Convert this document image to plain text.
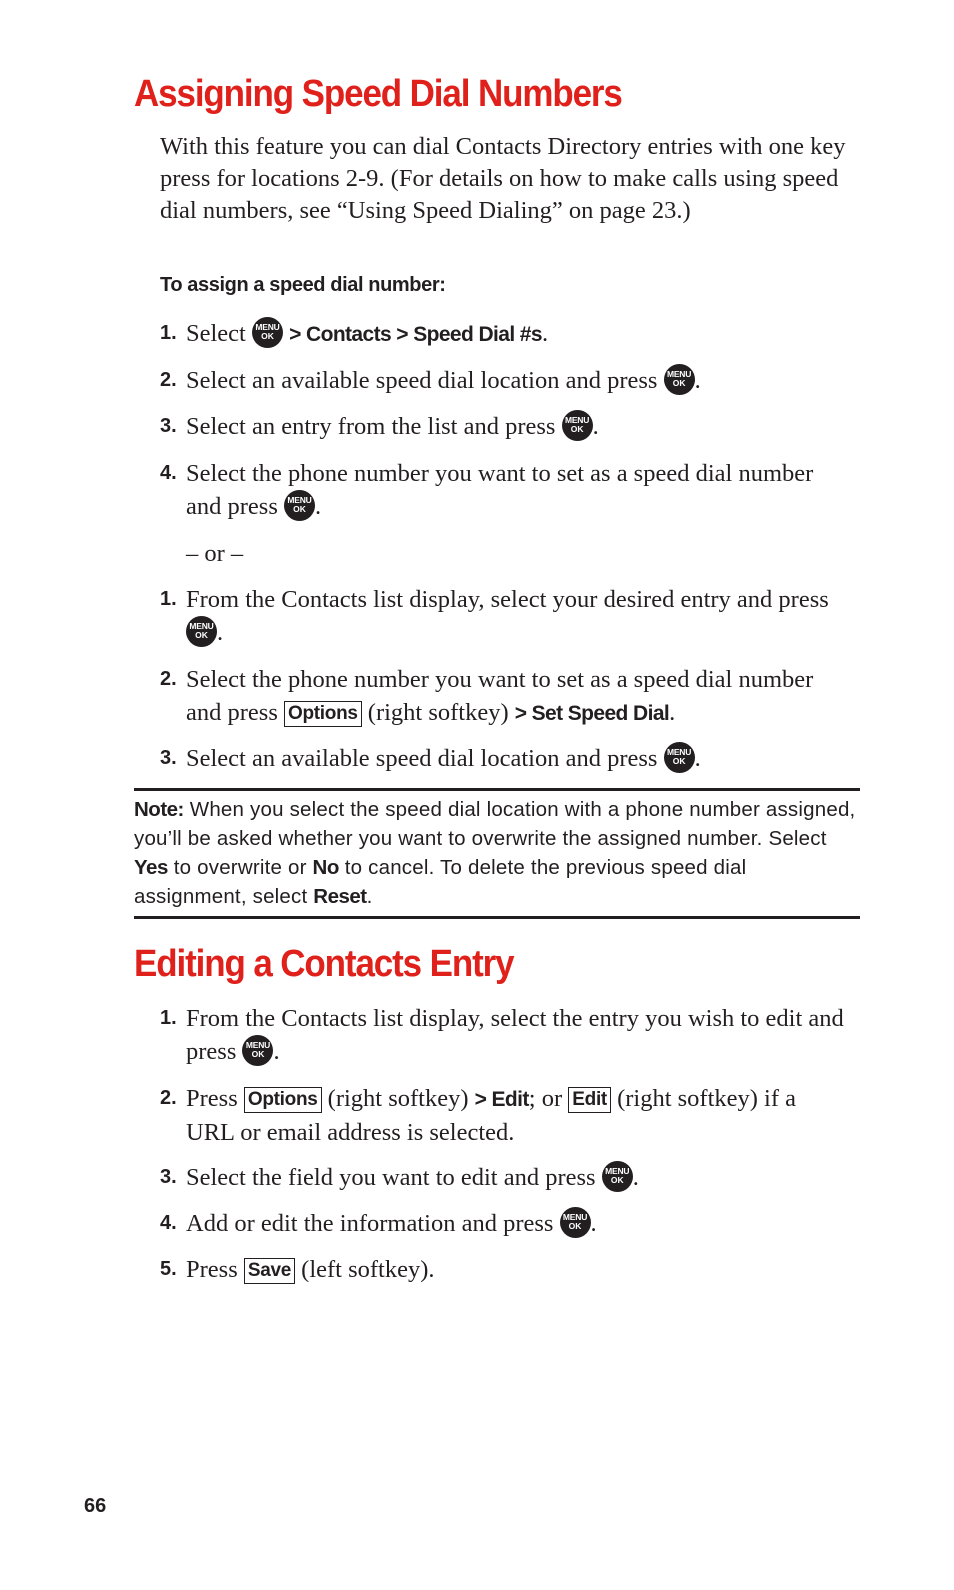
Assigning Speed Dial Numbers

With this feature you can dial Contacts Directory entries with one key press for locations 2-9. (For details on how to make calls using speed dial numbers, see “Using Speed Dialing” on page 23.)

To assign a speed dial number:

1. Select	MENU
OK > Contacts > Speed Dial #s.
2. Select an available speed dial location and press	MENU
OK .
3. Select an entry from the list and press	MENU
OK .
4. Select the phone number you want to set as a speed dial number and press	MENU
OK .
– or –
1. From the Contacts list display, select your desired entry and press
MENU
OK .
2. Select the phone number you want to set as a speed dial number and press Options (right softkey) > Set Speed Dial.
3. Select an available speed dial location and press	MENU
OK .

Note: When you select the speed dial location with a phone number assigned, you’ll be asked whether you want to overwrite the assigned number. Select Yes to overwrite or No to cancel. To delete the previous speed dial assignment, select Reset.

Editing a Contacts Entry
1. From the Contacts list display, select the entry you wish to edit and press	MENU
OK .
2. Press Options (right softkey) > Edit; or Edit (right softkey) if a URL or email address is selected.
3. Select the field you want to edit and press	MENU
OK .
4. Add or edit the information and press	MENU
OK .
5. Press Save (left softkey).
66
